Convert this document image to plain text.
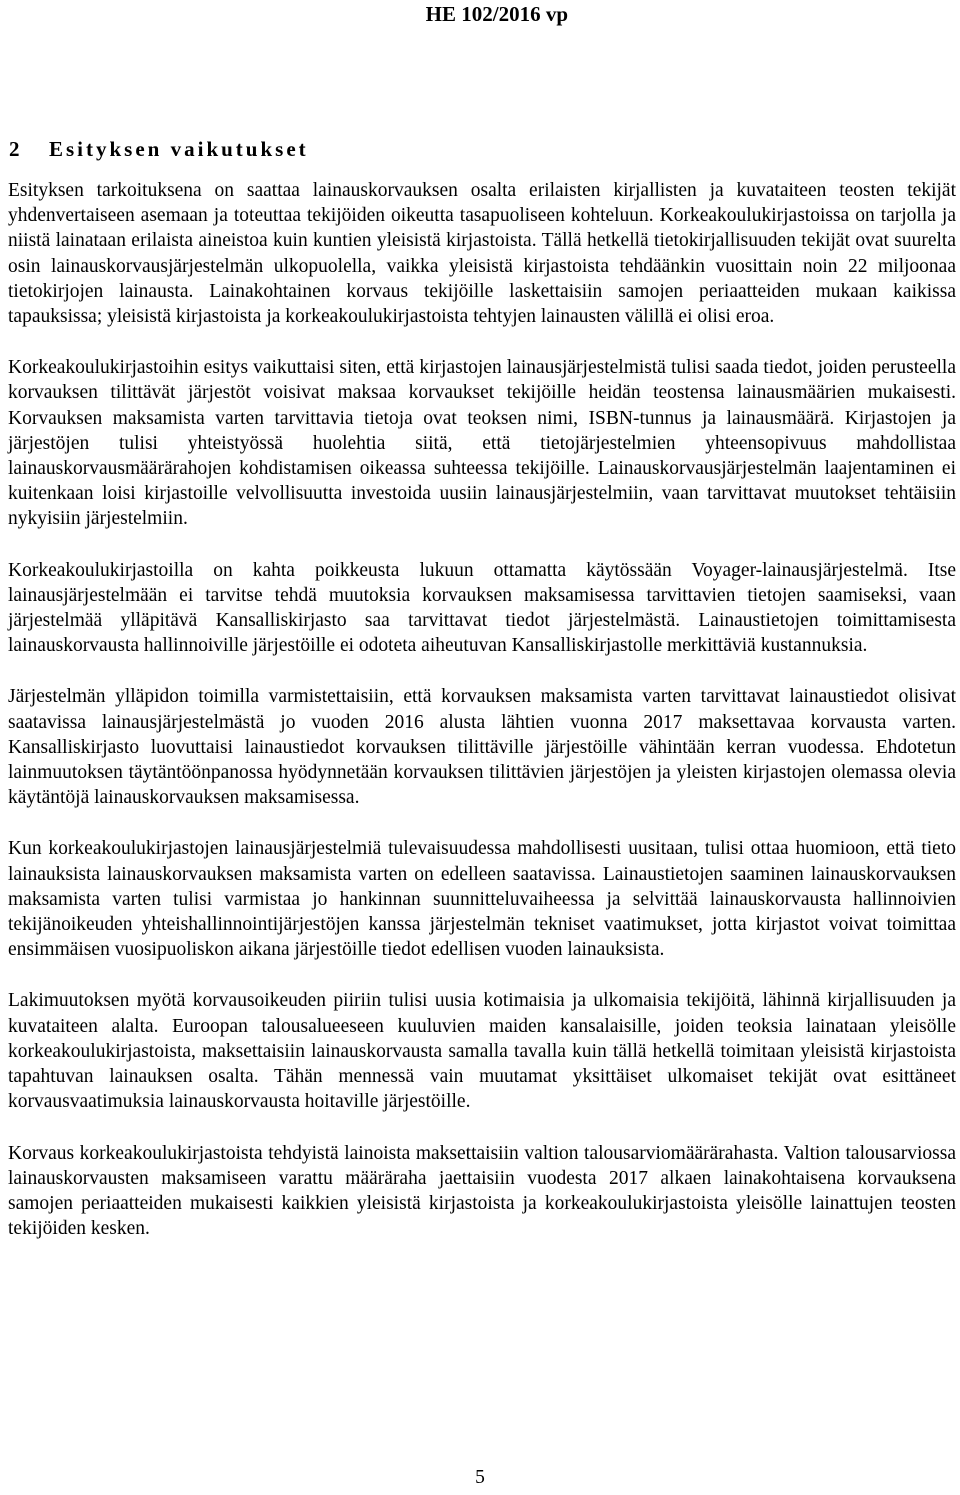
HE 102/2016 vp
2 Esityksen vaikutukset

Esityksen tarkoituksena on saattaa lainauskorvauksen osalta erilaisten kirjallisten ja kuvataiteen teosten tekijät yhdenvertaiseen asemaan ja toteuttaa tekijöiden oikeutta tasapuoliseen kohteluun. Korkeakoulukirjastoissa on tarjolla ja niistä lainataan erilaista aineistoa kuin kuntien yleisistä kirjastoista. Tällä hetkellä tietokirjallisuuden tekijät ovat suurelta osin lainauskorvausjärjestelmän ulkopuolella, vaikka yleisistä kirjastoista tehdäänkin vuosittain noin 22 miljoonaa tietokirjojen lainausta. Lainakohtainen korvaus tekijöille laskettaisiin samojen periaatteiden mukaan kaikissa tapauksissa; yleisistä kirjastoista ja korkeakoulukirjastoista tehtyjen lainausten välillä ei olisi eroa.

Korkeakoulukirjastoihin esitys vaikuttaisi siten, että kirjastojen lainausjärjestelmistä tulisi saada tiedot, joiden perusteella korvauksen tilittävät järjestöt voisivat maksaa korvaukset tekijöille heidän teostensa lainausmäärien mukaisesti. Korvauksen maksamista varten tarvittavia tietoja ovat teoksen nimi, ISBN-tunnus ja lainausmäärä. Kirjastojen ja järjestöjen tulisi yhteistyössä huolehtia siitä, että tietojärjestelmien yhteensopivuus mahdollistaa lainauskorvausmäärärahojen kohdistamisen oikeassa suhteessa tekijöille. Lainauskorvausjärjestelmän laajentaminen ei kuitenkaan loisi kirjastoille velvollisuutta investoida uusiin lainausjärjestelmiin, vaan tarvittavat muutokset tehtäisiin nykyisiin järjestelmiin.

Korkeakoulukirjastoilla on kahta poikkeusta lukuun ottamatta käytössään Voyager-lainausjärjestelmä. Itse lainausjärjestelmään ei tarvitse tehdä muutoksia korvauksen maksamisessa tarvittavien tietojen saamiseksi, vaan järjestelmää ylläpitävä Kansalliskirjasto saa tarvittavat tiedot järjestelmästä. Lainaustietojen toimittamisesta lainauskorvausta hallinnoiville järjestöille ei odoteta aiheutuvan Kansalliskirjastolle merkittäviä kustannuksia.

Järjestelmän ylläpidon toimilla varmistettaisiin, että korvauksen maksamista varten tarvittavat lainaustiedot olisivat saatavissa lainausjärjestelmästä jo vuoden 2016 alusta lähtien vuonna 2017 maksettavaa korvausta varten. Kansalliskirjasto luovuttaisi lainaustiedot korvauksen tilittäville järjestöille vähintään kerran vuodessa. Ehdotetun lainmuutoksen täytäntöönpanossa hyödynnetään korvauksen tilittävien järjestöjen ja yleisten kirjastojen olemassa olevia käytäntöjä lainauskorvauksen maksamisessa.

Kun korkeakoulukirjastojen lainausjärjestelmiä tulevaisuudessa mahdollisesti uusitaan, tulisi ottaa huomioon, että tieto lainauksista lainauskorvauksen maksamista varten on edelleen saatavissa. Lainaustietojen saaminen lainauskorvauksen maksamista varten tulisi varmistaa jo hankinnan suunnitteluvaiheessa ja selvittää lainauskorvausta hallinnoivien tekijänoikeuden yhteishallinnointijärjestöjen kanssa järjestelmän tekniset vaatimukset, jotta kirjastot voivat toimittaa ensimmäisen vuosipuoliskon aikana järjestöille tiedot edellisen vuoden lainauksista.

Lakimuutoksen myötä korvausoikeuden piiriin tulisi uusia kotimaisia ja ulkomaisia tekijöitä, lähinnä kirjallisuuden ja kuvataiteen alalta. Euroopan talousalueeseen kuuluvien maiden kansalaisille, joiden teoksia lainataan yleisölle korkeakoulukirjastoista, maksettaisiin lainauskorvausta samalla tavalla kuin tällä hetkellä toimitaan yleisistä kirjastoista tapahtuvan lainauksen osalta. Tähän mennessä vain muutamat yksittäiset ulkomaiset tekijät ovat esittäneet korvausvaatimuksia lainauskorvausta hoitaville järjestöille.

Korvaus korkeakoulukirjastoista tehdyistä lainoista maksettaisiin valtion talousarviomäärärahasta. Valtion talousarviossa lainauskorvausten maksamiseen varattu määräraha jaettaisiin vuodesta 2017 alkaen lainakohtaisena korvauksena samojen periaatteiden mukaisesti kaikkien yleisistä kirjastoista ja korkeakoulukirjastoista yleisölle lainattujen teosten tekijöiden kesken.

5
